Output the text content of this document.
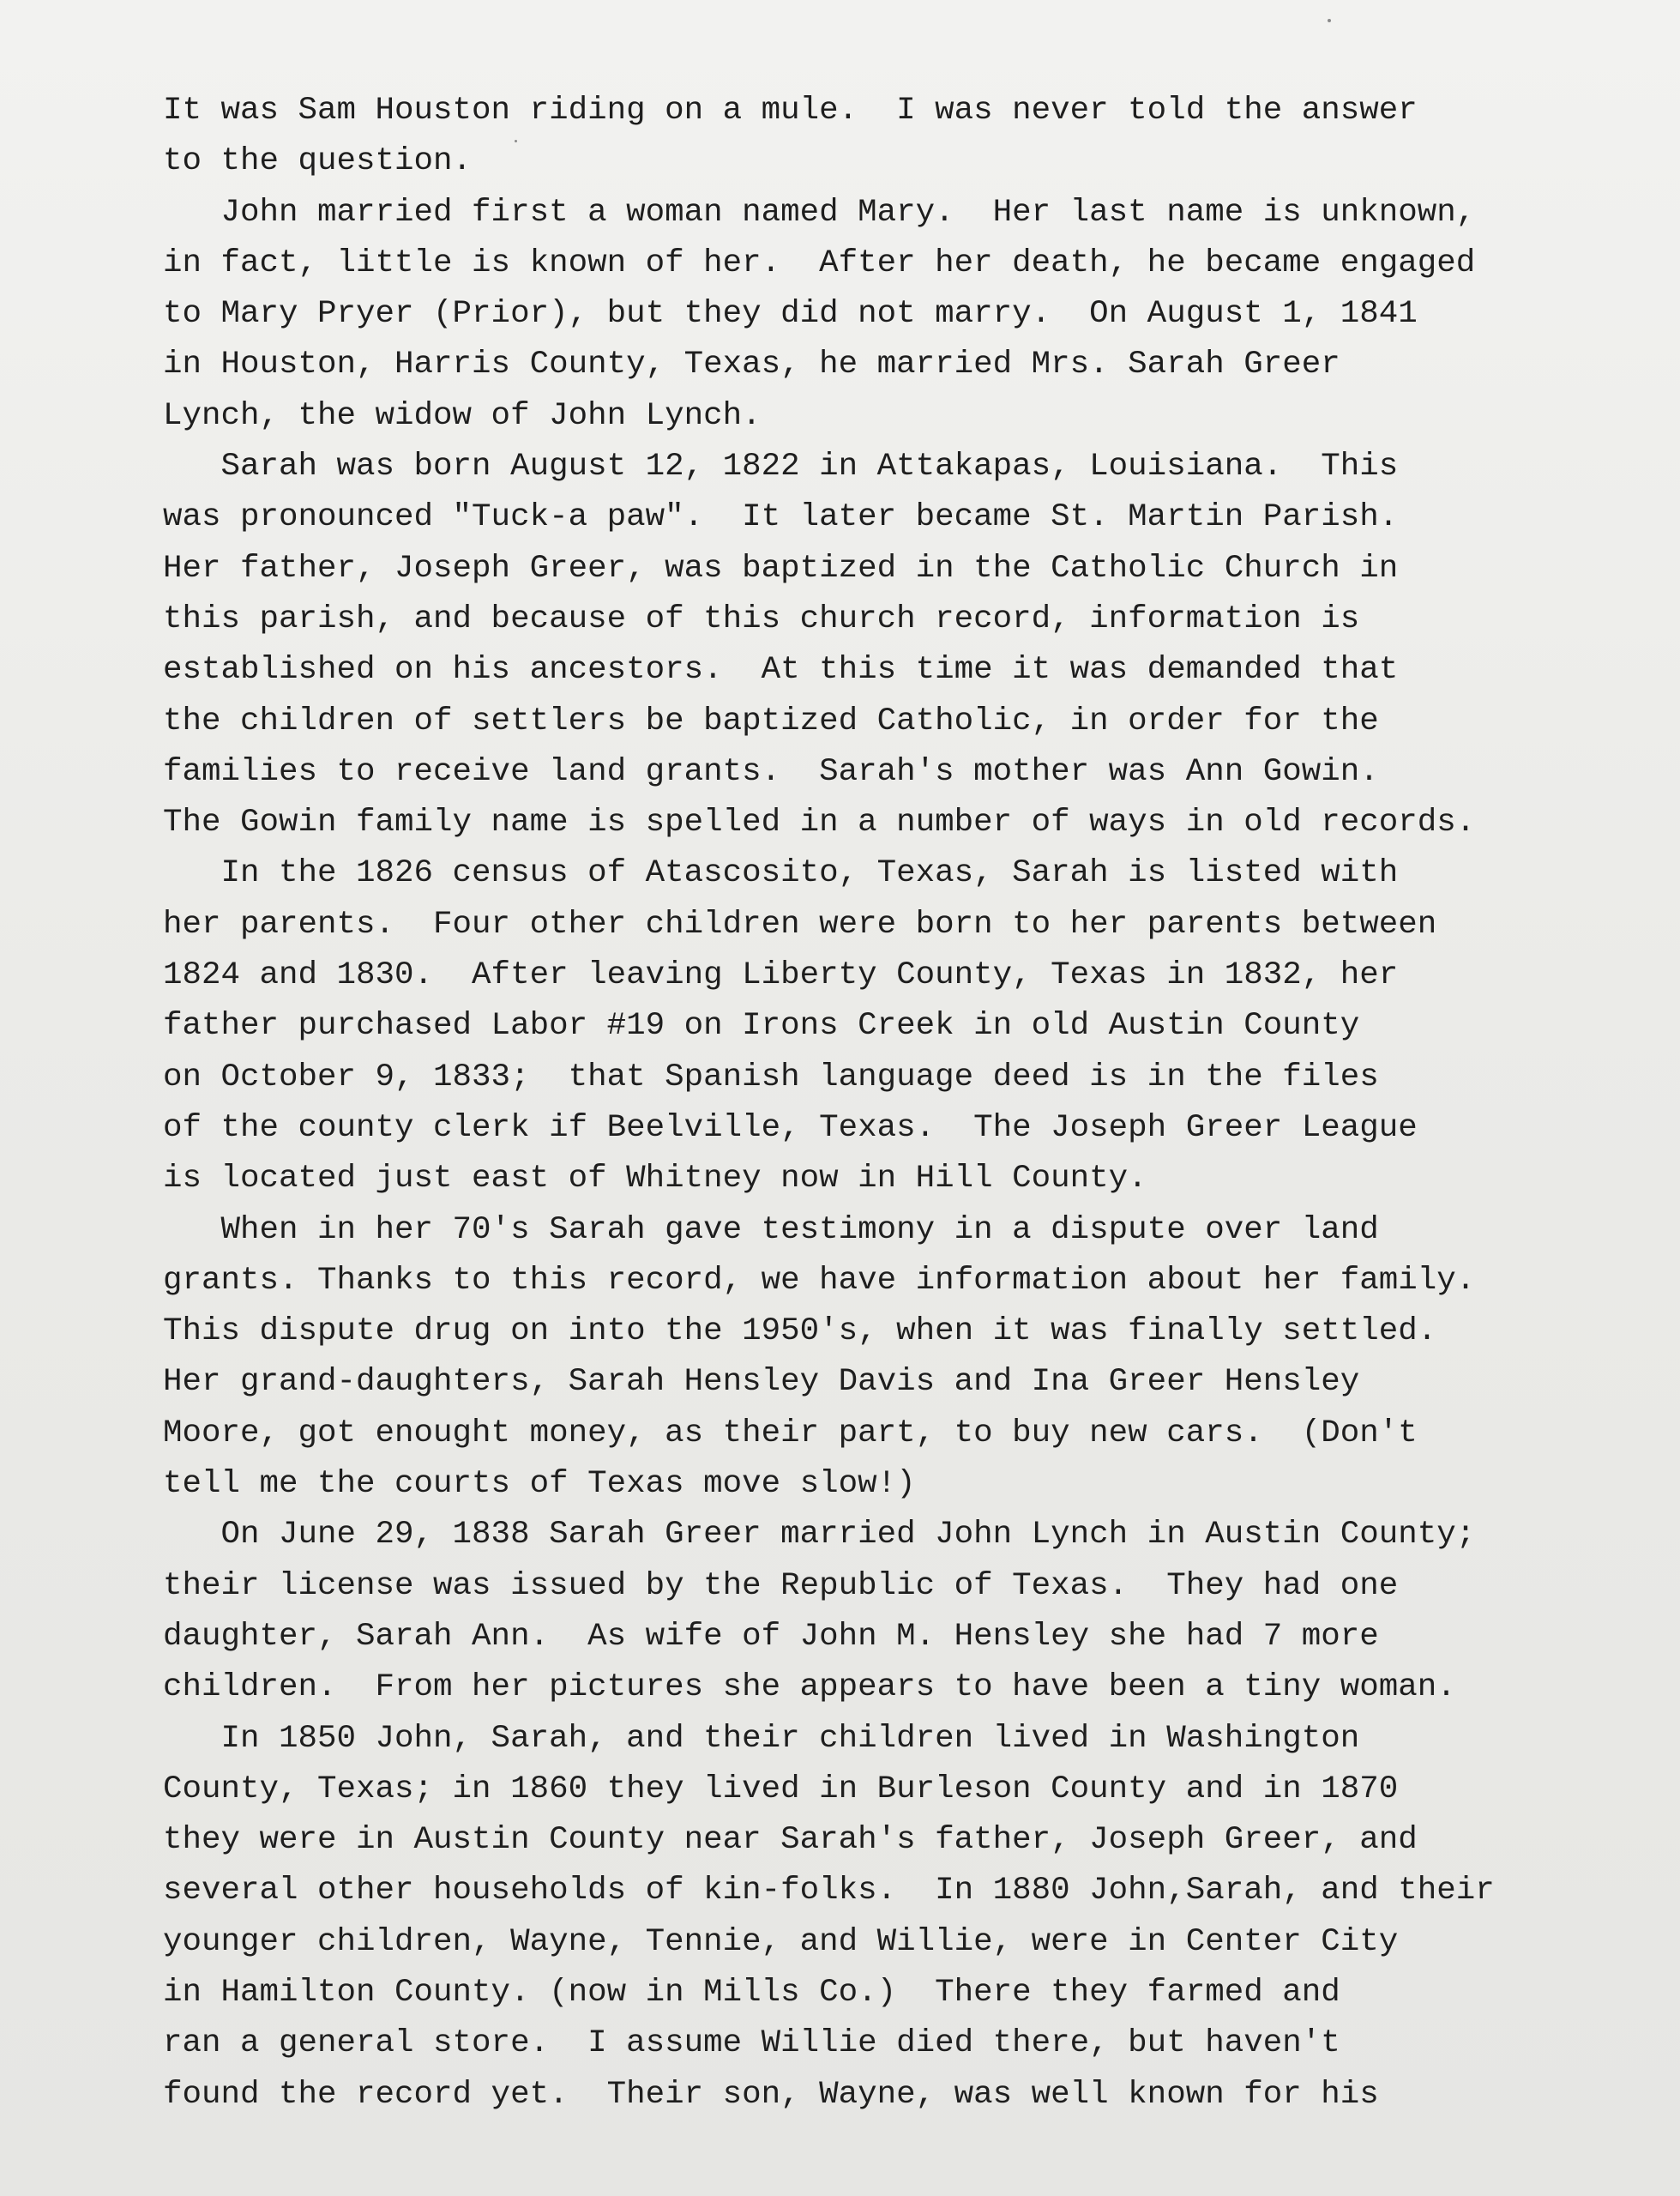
It was Sam Houston riding on a mule.  I was never told the answer
to the question.
John married first a woman named Mary.  Her last name is unknown,
in fact, little is known of her.  After her death, he became engaged
to Mary Pryer (Prior), but they did not marry.  On August 1, 1841
in Houston, Harris County, Texas, he married Mrs. Sarah Greer
Lynch, the widow of John Lynch.
Sarah was born August 12, 1822 in Attakapas, Louisiana.  This
was pronounced "Tuck-a paw".  It later became St. Martin Parish.
Her father, Joseph Greer, was baptized in the Catholic Church in
this parish, and because of this church record, information is
established on his ancestors.  At this time it was demanded that
the children of settlers be baptized Catholic, in order for the
families to receive land grants.  Sarah's mother was Ann Gowin.
The Gowin family name is spelled in a number of ways in old records.
In the 1826 census of Atascosito, Texas, Sarah is listed with
her parents.  Four other children were born to her parents between
1824 and 1830.  After leaving Liberty County, Texas in 1832, her
father purchased Labor #19 on Irons Creek in old Austin County
on October 9, 1833;  that Spanish language deed is in the files
of the county clerk if Beelville, Texas.  The Joseph Greer League
is located just east of Whitney now in Hill County.
When in her 70's Sarah gave testimony in a dispute over land
grants. Thanks to this record, we have information about her family.
This dispute drug on into the 1950's, when it was finally settled.
Her grand-daughters, Sarah Hensley Davis and Ina Greer Hensley
Moore, got enought money, as their part, to buy new cars.  (Don't
tell me the courts of Texas move slow!)
On June 29, 1838 Sarah Greer married John Lynch in Austin County;
their license was issued by the Republic of Texas.  They had one
daughter, Sarah Ann.  As wife of John M. Hensley she had 7 more
children.  From her pictures she appears to have been a tiny woman.
In 1850 John, Sarah, and their children lived in Washington
County, Texas; in 1860 they lived in Burleson County and in 1870
they were in Austin County near Sarah's father, Joseph Greer, and
several other households of kin-folks.  In 1880 John,Sarah, and their
younger children, Wayne, Tennie, and Willie, were in Center City
in Hamilton County. (now in Mills Co.)  There they farmed and
ran a general store.  I assume Willie died there, but haven't
found the record yet.  Their son, Wayne, was well known for his
